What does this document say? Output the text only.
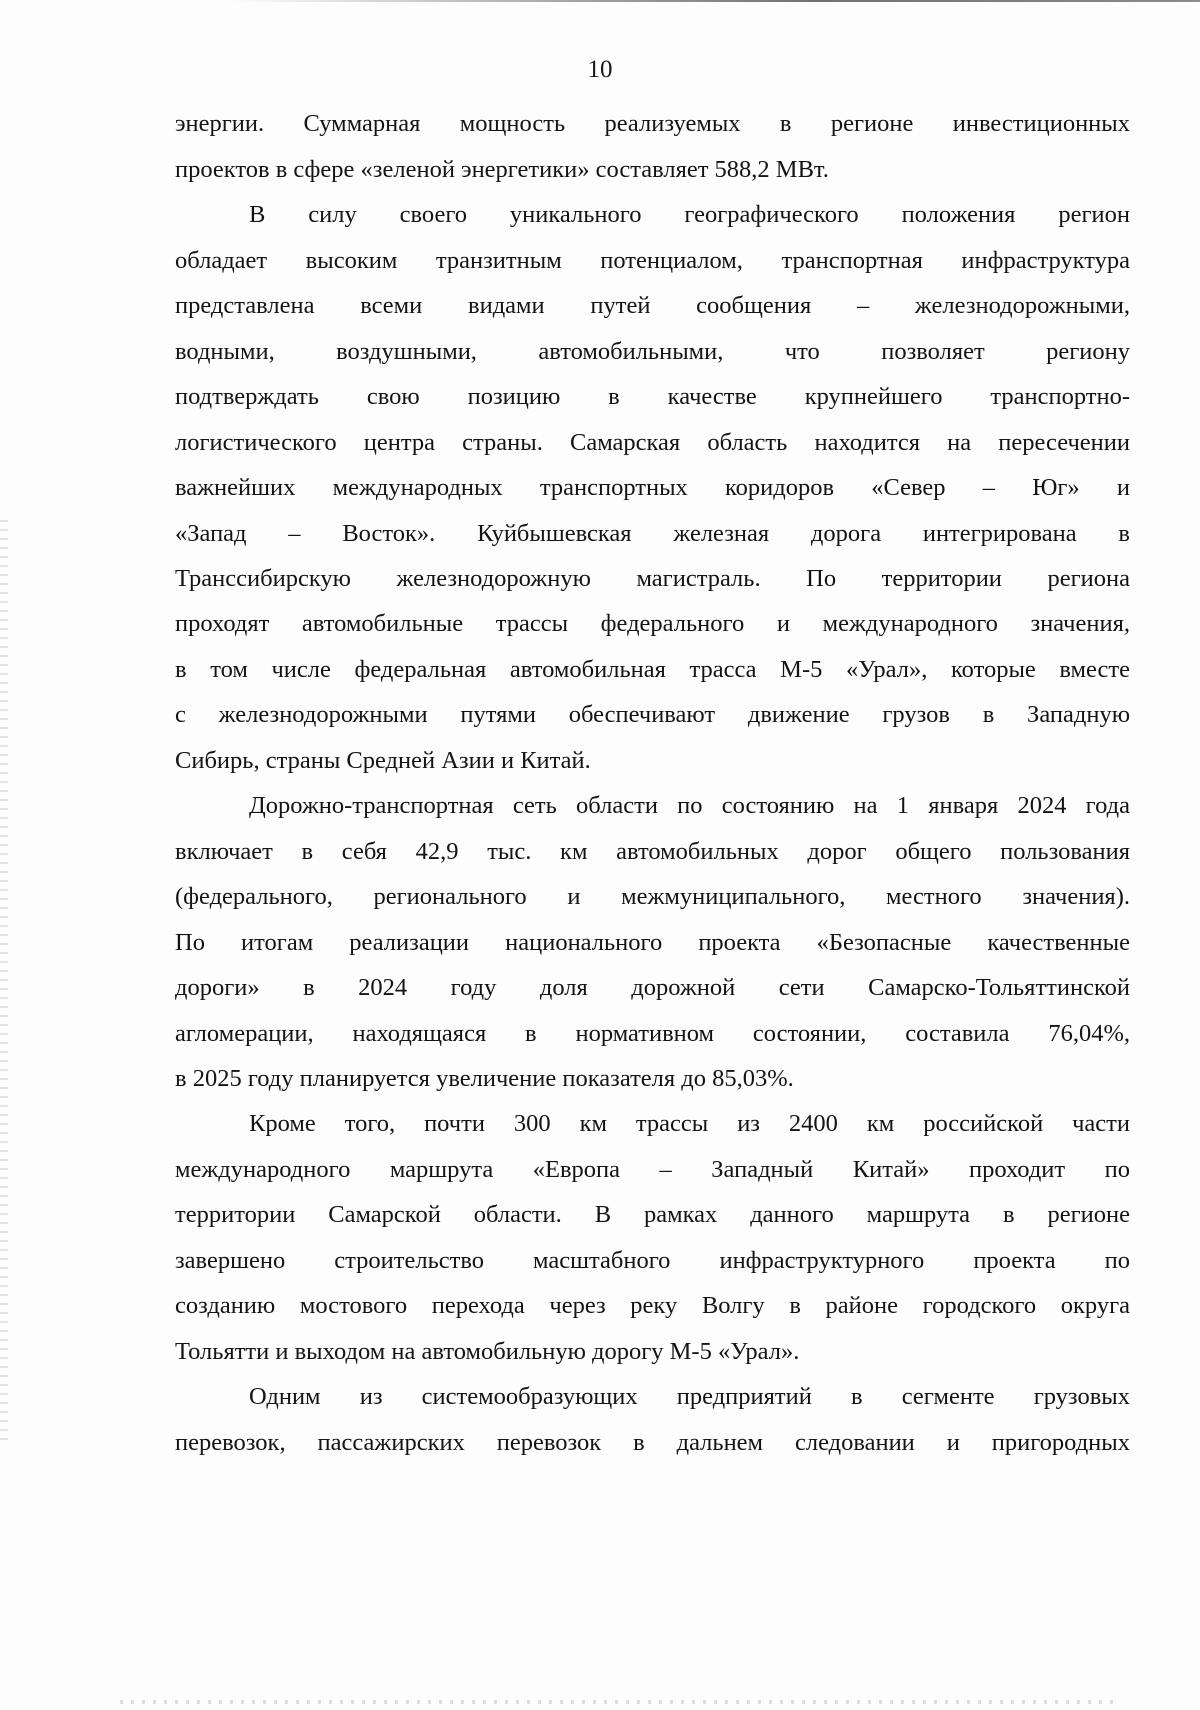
10
энергии. Суммарная мощность реализуемых в регионе инвестиционных
проектов в сфере «зеленой энергетики» составляет 588,2 МВт.
В силу своего уникального географического положения регион
обладает высоким транзитным потенциалом, транспортная инфраструктура
представлена всеми видами путей сообщения – железнодорожными,
водными, воздушными, автомобильными, что позволяет региону
подтверждать свою позицию в качестве крупнейшего транспортно-
логистического центра страны. Самарская область находится на пересечении
важнейших международных транспортных коридоров «Север – Юг» и
«Запад – Восток». Куйбышевская железная дорога интегрирована в
Транссибирскую железнодорожную магистраль. По территории региона
проходят автомобильные трассы федерального и международного значения,
в том числе федеральная автомобильная трасса М-5 «Урал», которые вместе
с железнодорожными путями обеспечивают движение грузов в Западную
Сибирь, страны Средней Азии и Китай.
Дорожно-транспортная сеть области по состоянию на 1 января 2024 года
включает в себя 42,9 тыс. км автомобильных дорог общего пользования
(федерального, регионального и межмуниципального, местного значения).
По итогам реализации национального проекта «Безопасные качественные
дороги» в 2024 году доля дорожной сети Самарско-Тольяттинской
агломерации, находящаяся в нормативном состоянии, составила 76,04%,
в 2025 году планируется увеличение показателя до 85,03%.
Кроме того, почти 300 км трассы из 2400 км российской части
международного маршрута «Европа – Западный Китай» проходит по
территории Самарской области. В рамках данного маршрута в регионе
завершено строительство масштабного инфраструктурного проекта по
созданию мостового перехода через реку Волгу в районе городского округа
Тольятти и выходом на автомобильную дорогу М-5 «Урал».
Одним из системообразующих предприятий в сегменте грузовых
перевозок, пассажирских перевозок в дальнем следовании и пригородных
